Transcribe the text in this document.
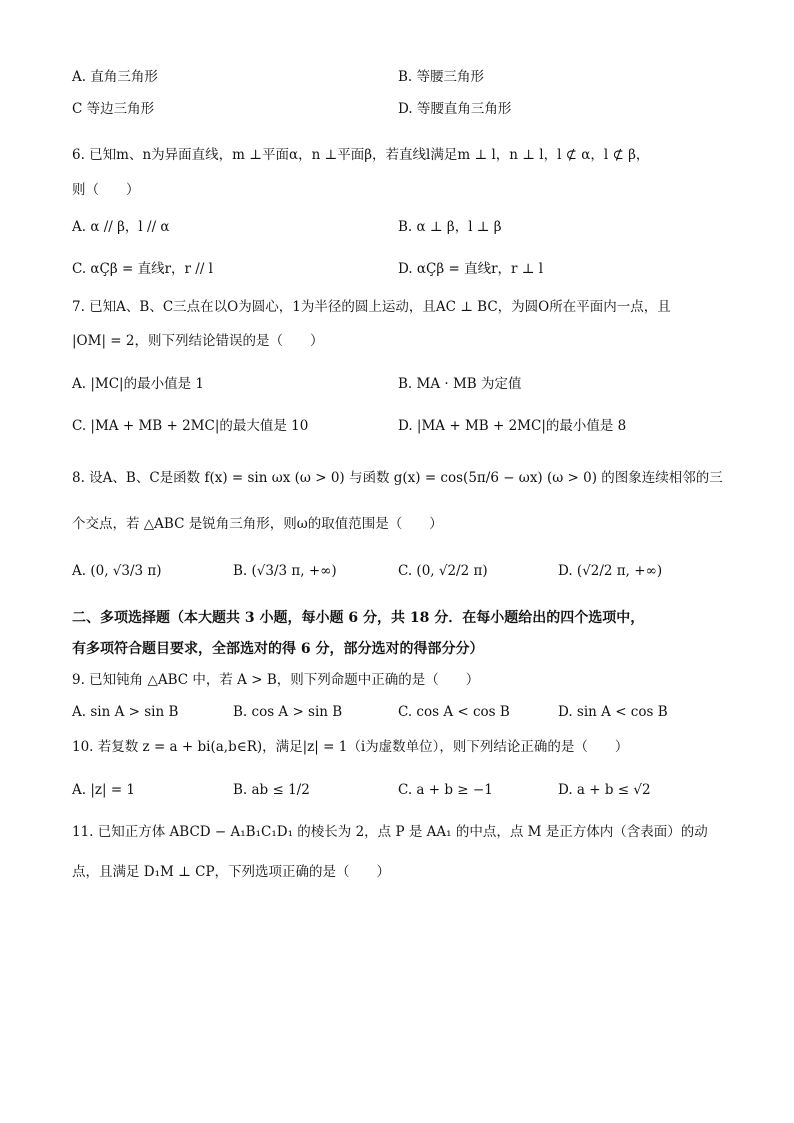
A. 直角三角形	B. 等腰三角形
C 等边三角形	D. 等腰直角三角形
6. 已知m、n为异面直线，m ⊥平面α，n ⊥平面β，若直线l满足m ⊥ l，n ⊥ l，l ⊄ α，l ⊄ β，
则（　　）
A. α // β，l // α	B. α ⊥ β，l ⊥ β
C. αÇβ = 直线r，r // l	D. αÇβ = 直线r，r ⊥ l
7. 已知A、B、C三点在以O为圆心，1为半径的圆上运动，且AC ⊥ BC，为圆O所在平面内一点，且
|OM| = 2，则下列结论错误的是（　　）
A. |MC|的最小值是 1	B. MA · MB 为定值
C. |MA + MB + 2MC|的最大值是 10	D. |MA + MB + 2MC|的最小值是 8
8. 设A、B、C是函数 f(x) = sin ωx (ω > 0) 与函数 g(x) = cos(5π/6 − ωx) (ω > 0) 的图象连续相邻的三
个交点，若 △ABC 是锐角三角形，则ω的取值范围是（　　）
A. (0, √3/3 π)	B. (√3/3 π, +∞)	C. (0, √2/2 π)	D. (√2/2 π, +∞)
二、多项选择题（本大题共 3 小题，每小题 6 分，共 18 分．在每小题给出的四个选项中，
有多项符合题目要求，全部选对的得 6 分，部分选对的得部分分）
9. 已知钝角 △ABC 中，若 A > B，则下列命题中正确的是（　　）
A. sin A > sin B	B. cos A > sin B	C. cos A < cos B	D. sin A < cos B
10. 若复数 z = a + bi(a,b∈R)，满足|z| = 1（i为虚数单位），则下列结论正确的是（　　）
A. |z| = 1	B. ab ≤ 1/2	C. a + b ≥ −1	D. a + b ≤ √2
11. 已知正方体 ABCD − A₁B₁C₁D₁ 的棱长为 2，点 P 是 AA₁ 的中点，点 M 是正方体内（含表面）的动
点，且满足 D₁M ⊥ CP，下列选项正确的是（　　）
